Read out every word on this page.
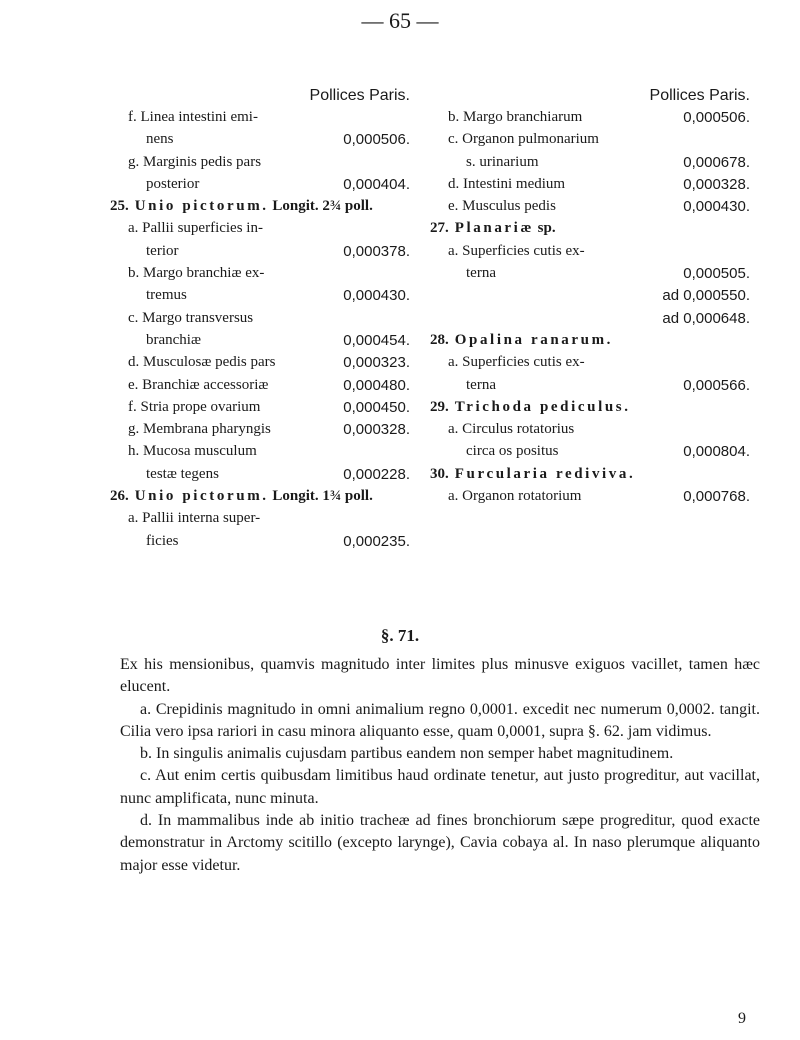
— 65 —
Pollices Paris.
f. Linea intestini emi-
nens	0,000506.
g. Marginis pedis pars
posterior	0,000404.
25. Unio pictorum. Longit. 2¾ poll.
a. Pallii superficies in-
terior	0,000378.
b. Margo branchiæ ex-
tremus	0,000430.
c. Margo transversus
branchiæ	0,000454.
d. Musculosæ pedis pars	0,000323.
e. Branchiæ accessoriæ	0,000480.
f. Stria prope ovarium	0,000450.
g. Membrana pharyngis	0,000328.
h. Mucosa musculum
testæ tegens	0,000228.
26. Unio pictorum. Longit. 1¾ poll.
a. Pallii interna super-
ficies	0,000235.
Pollices Paris.
b. Margo branchiarum	0,000506.
c. Organon pulmonarium
s. urinarium	0,000678.
d. Intestini medium	0,000328.
e. Musculus pedis	0,000430.
27. Planariæ sp.
a. Superficies cutis ex-
terna	0,000505.
ad 0,000550.
ad 0,000648.
28. Opalina ranarum.
a. Superficies cutis ex-
terna	0,000566.
29. Trichoda pediculus.
a. Circulus rotatorius
circa os positus	0,000804.
30. Furcularia rediviva.
a. Organon rotatorium	0,000768.
§. 71.

Ex his mensionibus, quamvis magnitudo inter limites plus minusve exiguos vacillet, tamen hæc elucent.

a. Crepidinis magnitudo in omni animalium regno 0,0001. excedit nec numerum 0,0002. tangit. Cilia vero ipsa rariori in casu minora aliquanto esse, quam 0,0001, supra §. 62. jam vidimus.

b. In singulis animalis cujusdam partibus eandem non semper habet magnitudinem.

c. Aut enim certis quibusdam limitibus haud ordinate tenetur, aut justo progreditur, aut vacillat, nunc amplificata, nunc minuta.

d. In mammalibus inde ab initio tracheæ ad fines bronchiorum sæpe progreditur, quod exacte demonstratur in Arctomy scitillo (excepto larynge), Cavia cobaya al. In naso plerumque aliquanto major esse videtur.

9
